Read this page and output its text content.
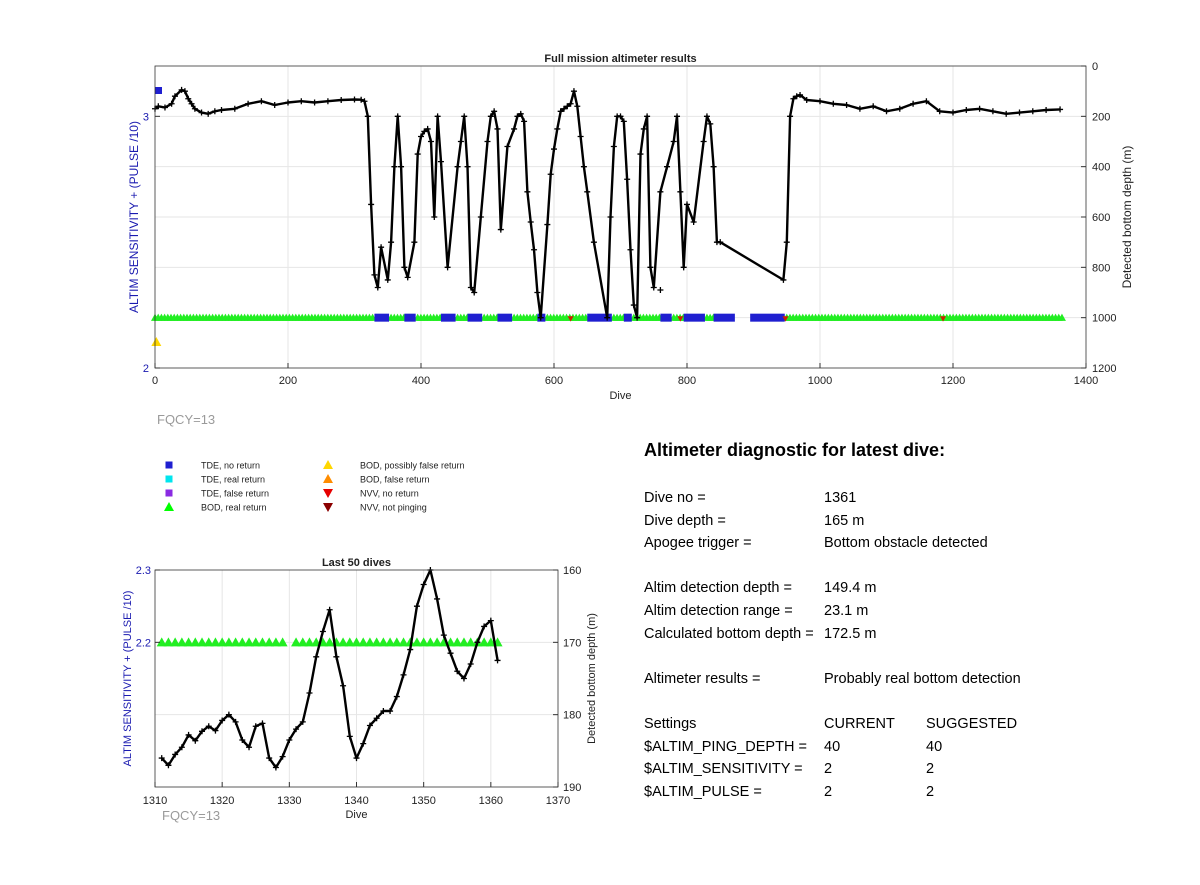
0	200	400	600	800	1000	1200	1400
2
3
0
200
400
600
800
1000
1200
Full mission altimeter results
Dive
ALTIM SENSITIVITY + (PULSE /10)	Detected bottom depth (m)
FQCY=13
TDE, no return
TDE, real return
TDE, false return
BOD, real return
BOD, possibly false return
BOD, false return
NVV, no return
NVV, not pinging
1310	1320	1330	1340	1350	1360	1370
2.2
2.3	160
170
180
190
Last 50 dives
Dive
ALTIM SENSITIVITY + (PULSE /10)	Detected bottom depth (m)
FQCY=13
Altimeter diagnostic for latest dive:
Dive no =	1361
Dive depth =	165 m
Apogee trigger =	Bottom obstacle detected
Altim detection depth = 149.4 m
Altim detection range = 23.1 m
Calculated bottom depth = 172.5 m
Altimeter results =	Probably real bottom detection
Settings	CURRENT SUGGESTED
$ALTIM_PING_DEPTH = 40	40
$ALTIM_SENSITIVITY = 2	2
$ALTIM_PULSE =	2	2
